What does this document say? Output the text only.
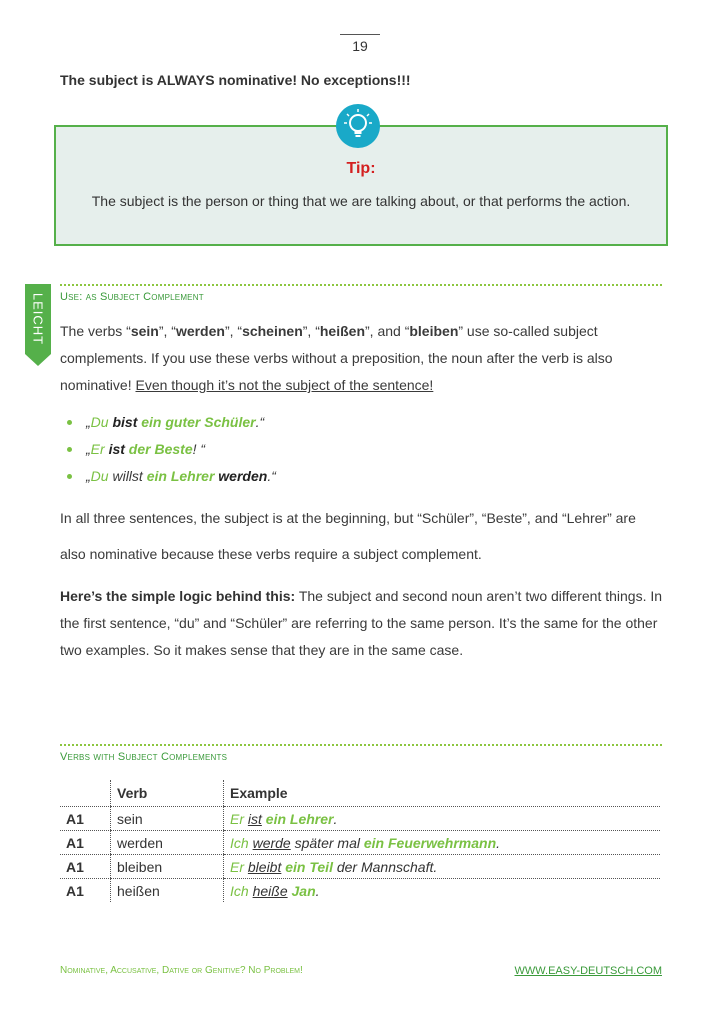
19
The subject is ALWAYS nominative! No exceptions!!!
Tip:
The subject is the person or thing that we are talking about, or that performs the action.
LEICHT Use: as Subject Complement
The verbs “sein”, “werden”, “scheinen”, “heißen”, and “bleiben” use so-called subject complements. If you use these verbs without a preposition, the noun after the verb is also nominative! Even though it’s not the subject of the sentence!
„Du bist ein guter Schüler.“
„Er ist der Beste! “
„Du willst ein Lehrer werden.“
In all three sentences, the subject is at the beginning, but “Schüler”, “Beste”, and “Lehrer” are also nominative because these verbs require a subject complement.
Here’s the simple logic behind this: The subject and second noun aren’t two different things. In the first sentence, “du” and “Schüler” are referring to the same person. It’s the same for the other two examples. So it makes sense that they are in the same case.
Verbs with Subject Complements
	Verb	Example
A1	sein	Er ist ein Lehrer.
A1	werden	Ich werde später mal ein Feuerwehrmann.
A1	bleiben	Er bleibt ein Teil der Mannschaft.
A1	heißen	Ich heiße Jan.
Nominative, Accusative, Dative or Genitive? No Problem!	WWW.EASY-DEUTSCH.COM
